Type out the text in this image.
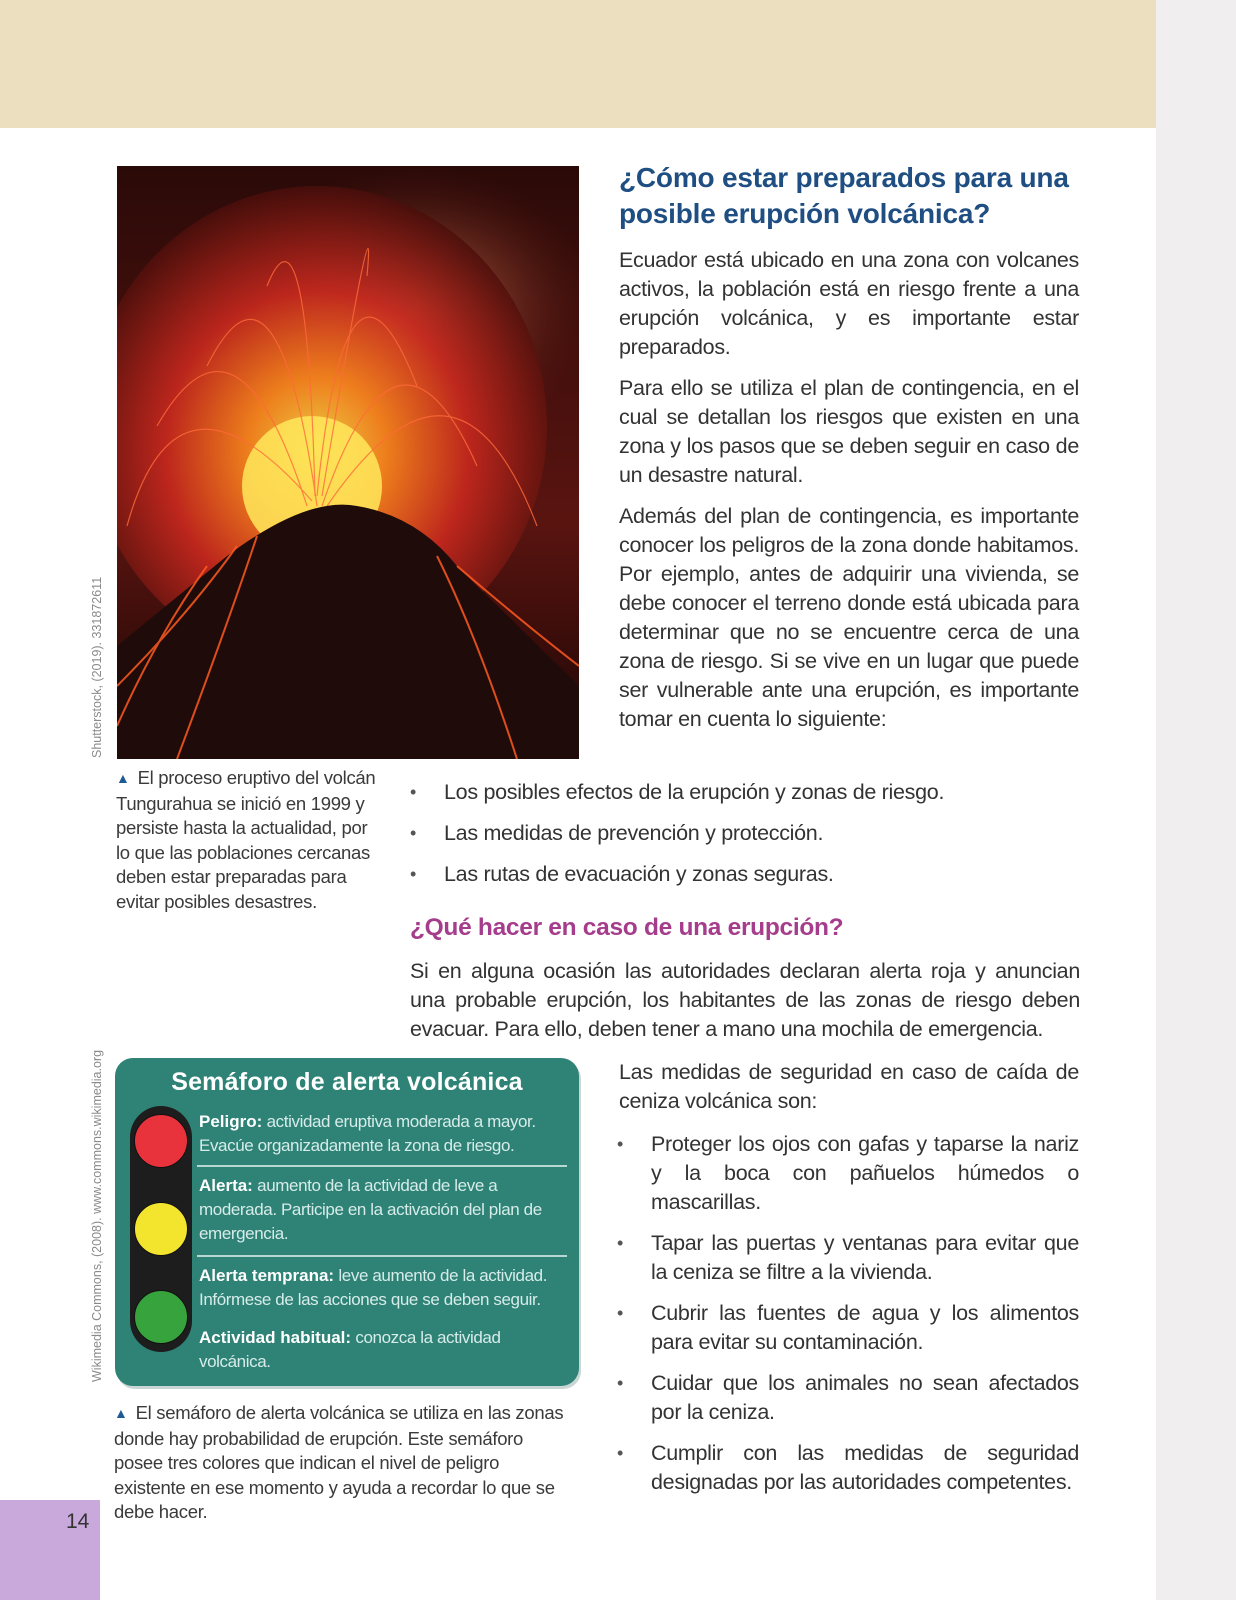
Shutterstock, (2019). 331872611
Wikimedia Commons, (2008). www.commons.wikimedia.org
▲ El proceso eruptivo del volcán Tungurahua se inició en 1999 y persiste hasta la actualidad, por lo que las poblaciones cercanas deben estar preparadas para evitar posibles desastres.
¿Cómo estar preparados para una posible erupción volcánica?

Ecuador está ubicado en una zona con volcanes activos, la población está en riesgo frente a una erupción volcánica, y es importante estar preparados.

Para ello se utiliza el plan de contingencia, en el cual se detallan los riesgos que existen en una zona y los pasos que se deben seguir en caso de un desastre natural.

Además del plan de contingencia, es importante conocer los peligros de la zona donde habitamos. Por ejemplo, antes de adquirir una vivienda, se debe conocer el terreno donde está ubicada para determinar que no se encuentre cerca de una zona de riesgo. Si se vive en un lugar que puede ser vulnerable ante una erupción, es importante tomar en cuenta lo siguiente:

• Los posibles efectos de la erupción y zonas de riesgo.
• Las medidas de prevención y protección.
• Las rutas de evacuación y zonas seguras.
¿Qué hacer en caso de una erupción?

Si en alguna ocasión las autoridades declaran alerta roja y anuncian una probable erupción, los habitantes de las zonas de riesgo deben evacuar. Para ello, deben tener a mano una mochila de emergencia.

Las medidas de seguridad en caso de caída de ceniza volcánica son:

• Proteger los ojos con gafas y taparse la nariz y la boca con pañuelos húmedos o mascarillas.
• Tapar las puertas y ventanas para evitar que la ceniza se filtre a la vivienda.
• Cubrir las fuentes de agua y los alimentos para evitar su contaminación.
• Cuidar que los animales no sean afectados por la ceniza.
• Cumplir con las medidas de seguridad designadas por las autoridades competentes.
Semáforo de alerta volcánica
Peligro: actividad eruptiva moderada a mayor. Evacúe organizadamente la zona de riesgo.
Alerta: aumento de la actividad de leve a moderada. Participe en la activación del plan de emergencia.
Alerta temprana: leve aumento de la actividad. Infórmese de las acciones que se deben seguir.
Actividad habitual: conozca la actividad volcánica.
▲ El semáforo de alerta volcánica se utiliza en las zonas donde hay probabilidad de erupción. Este semáforo posee tres colores que indican el nivel de peligro existente en ese momento y ayuda a recordar lo que se debe hacer.
14
